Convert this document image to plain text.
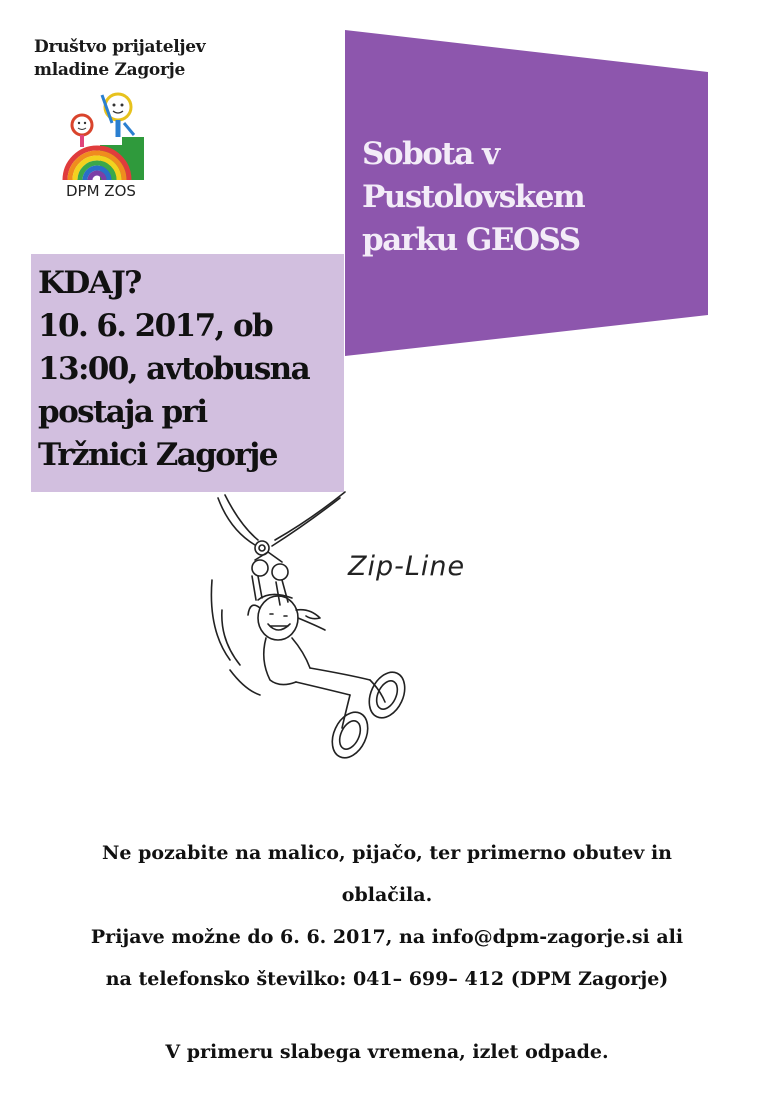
Društvo prijateljev
mladine Zagorje
DPM ZOS
Sobota v
Pustolovskem
parku GEOSS
KDAJ?
10. 6. 2017, ob
13:00, avtobusna
postaja pri
Tržnici Zagorje
Zip-Line

Ne pozabite na malico, pijačo, ter primerno obutev in

oblačila.

Prijave možne do 6. 6. 2017, na info@dpm-zagorje.si ali

na telefonsko številko: 041– 699– 412 (DPM Zagorje)

V primeru slabega vremena, izlet odpade.
